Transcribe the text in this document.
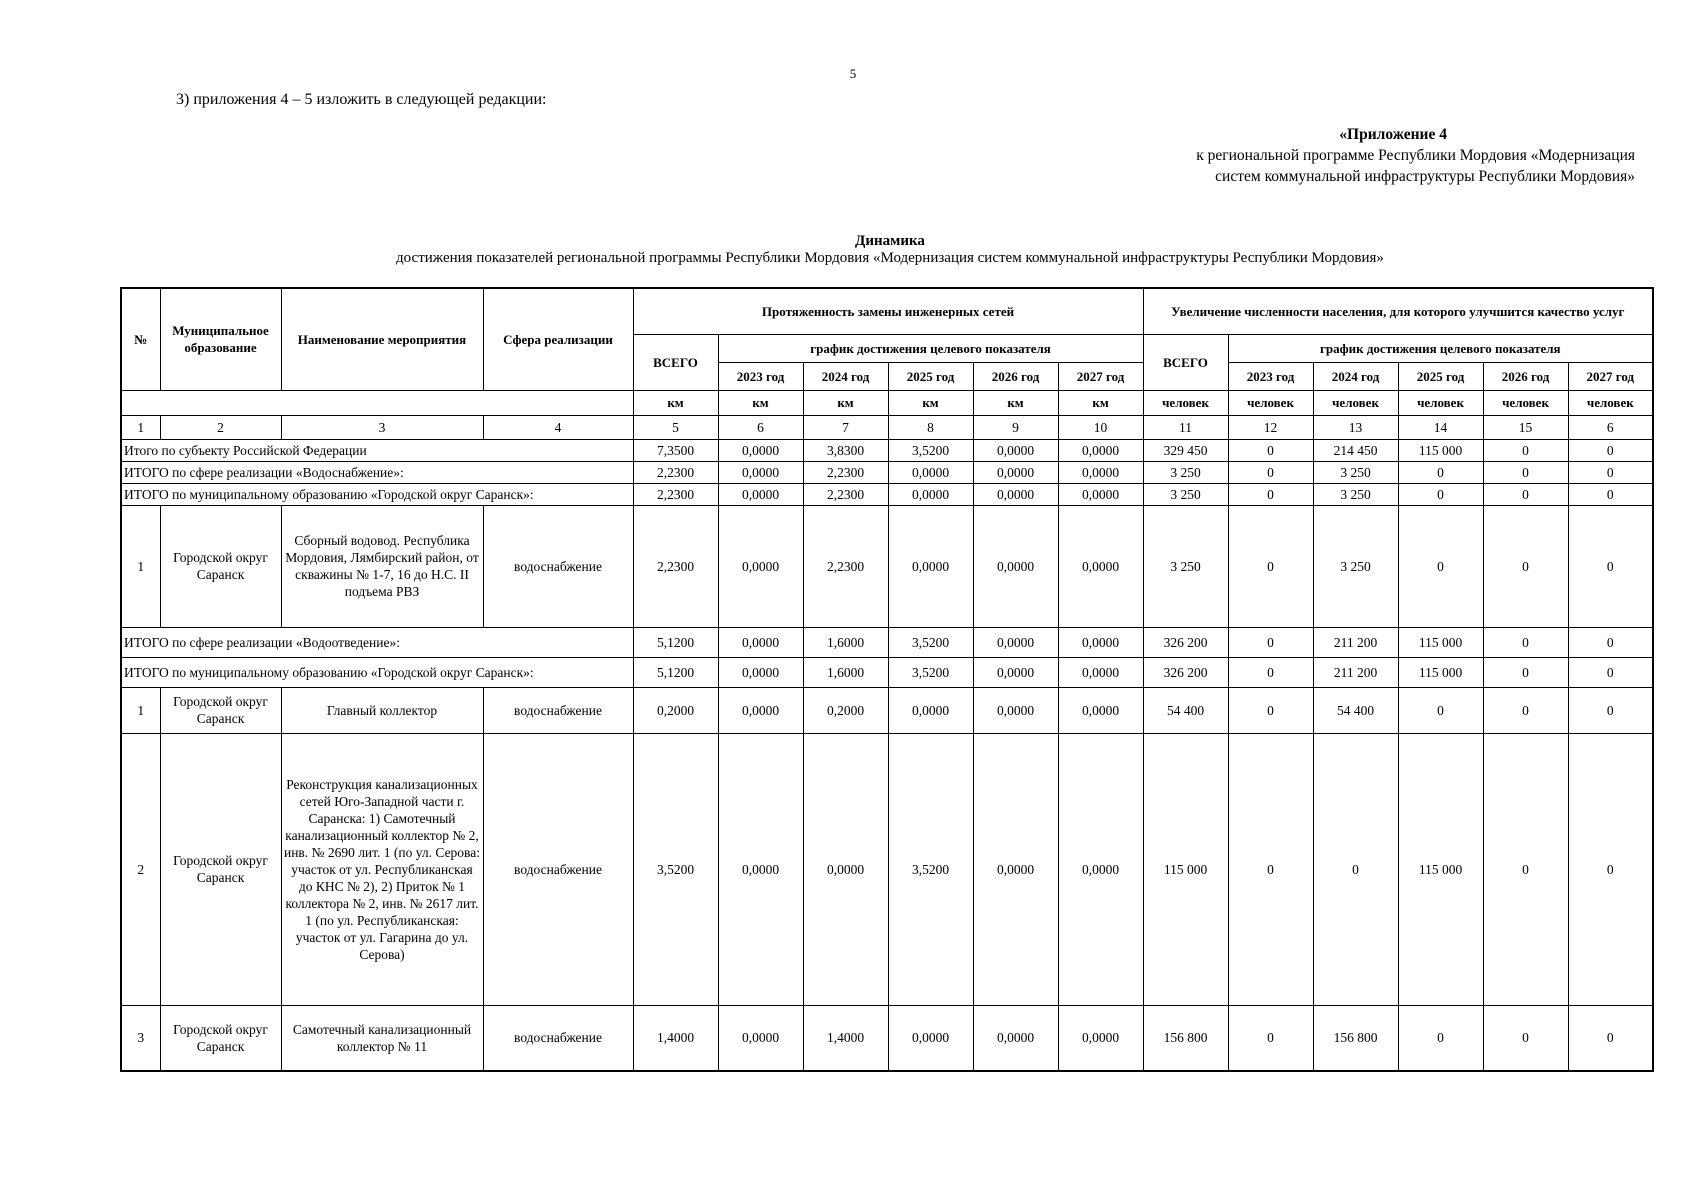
5
3) приложения 4 – 5 изложить в следующей редакции:
«Приложение 4
к региональной программе Республики Мордовия «Модернизация
систем коммунальной инфраструктуры Республики Мордовия»
Динамика
достижения показателей региональной программы Республики Мордовия «Модернизация систем коммунальной инфраструктуры Республики Мордовия»
№	Муниципальное образование	Наименование мероприятия	Сфера реализации	Протяженность замены инженерных сетей						Увеличение численности населения, для которого улучшится качество услуг					
				ВСЕГО	график достижения целевого показателя					ВСЕГО	график достижения целевого показателя				
					2023 год	2024 год	2025 год	2026 год	2027 год		2023 год	2024 год	2025 год	2026 год	2027 год
				км	км	км	км	км	км	человек	человек	человек	человек	человек	человек
1	2	3	4	5	6	7	8	9	10	11	12	13	14	15	6
Итого по субъекту Российской Федерации				7,3500	0,0000	3,8300	3,5200	0,0000	0,0000	329 450	0	214 450	115 000	0	0
ИТОГО по сфере реализации «Водоснабжение»:				2,2300	0,0000	2,2300	0,0000	0,0000	0,0000	3 250	0	3 250	0	0	0
ИТОГО по муниципальному образованию «Городской округ Саранск»:				2,2300	0,0000	2,2300	0,0000	0,0000	0,0000	3 250	0	3 250	0	0	0
1	Городской округ Саранск	Сборный водовод. Республика Мордовия, Лямбирский район, от скважины № 1-7, 16 до Н.С. II подъема РВЗ	водоснабжение	2,2300	0,0000	2,2300	0,0000	0,0000	0,0000	3 250	0	3 250	0	0	0
ИТОГО по сфере реализации «Водоотведение»:				5,1200	0,0000	1,6000	3,5200	0,0000	0,0000	326 200	0	211 200	115 000	0	0
ИТОГО по муниципальному образованию «Городской округ Саранск»:				5,1200	0,0000	1,6000	3,5200	0,0000	0,0000	326 200	0	211 200	115 000	0	0
1	Городской округ Саранск	Главный коллектор	водоснабжение	0,2000	0,0000	0,2000	0,0000	0,0000	0,0000	54 400	0	54 400	0	0	0
2	Городской округ Саранск	Реконструкция канализационных сетей Юго-Западной части г. Саранска: 1) Самотечный канализационный коллектор № 2, инв. № 2690 лит. 1 (по ул. Серова: участок от ул. Республиканская до КНС № 2), 2) Приток № 1 коллектора № 2, инв. № 2617 лит. 1 (по ул. Республиканская: участок от ул. Гагарина до ул. Серова)	водоснабжение	3,5200	0,0000	0,0000	3,5200	0,0000	0,0000	115 000	0	0	115 000	0	0
3	Городской округ Саранск	Самотечный канализационный коллектор № 11	водоснабжение	1,4000	0,0000	1,4000	0,0000	0,0000	0,0000	156 800	0	156 800	0	0	0
